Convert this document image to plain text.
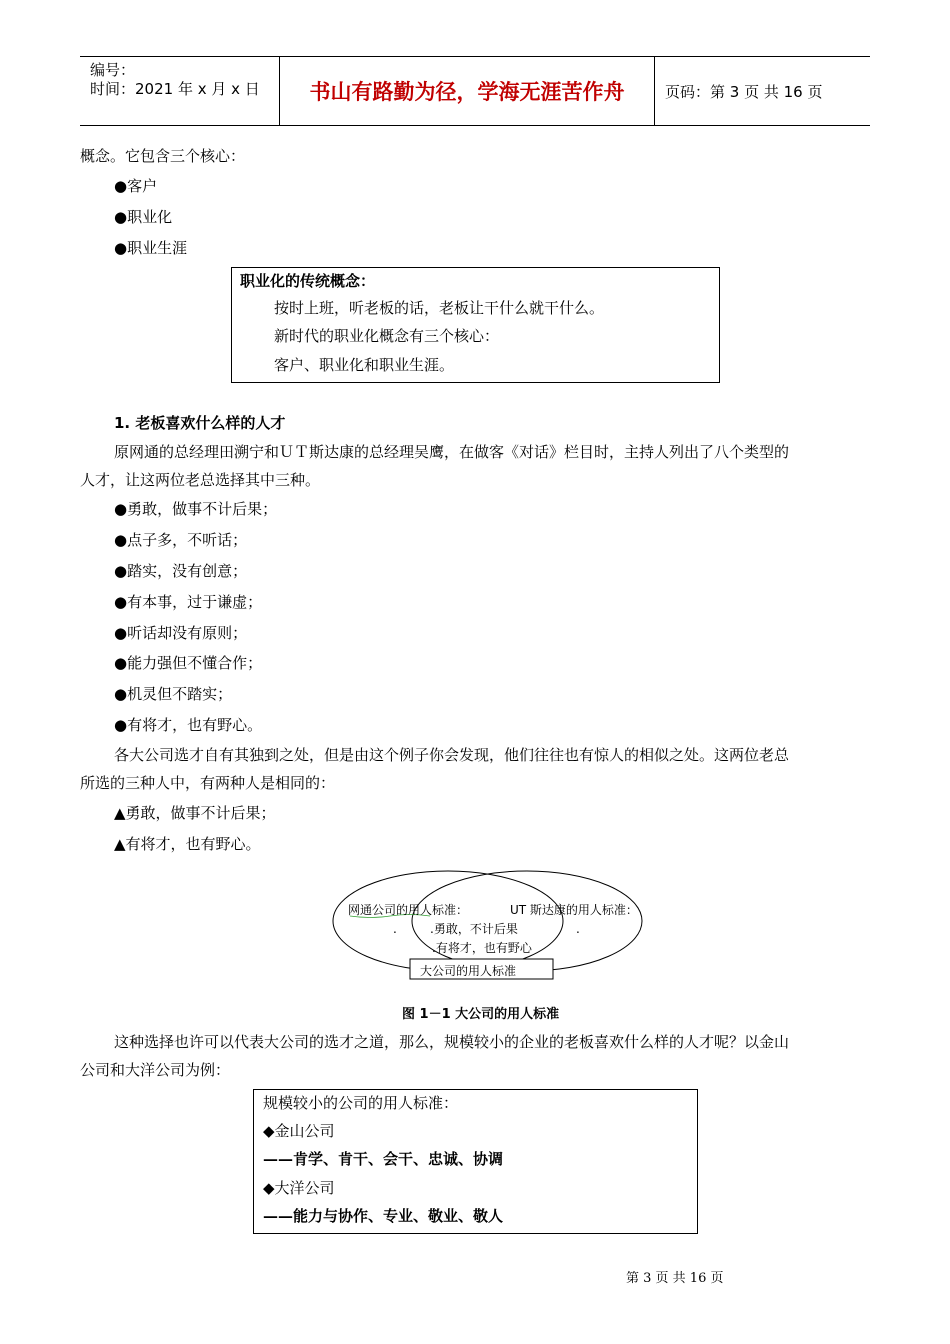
编号：
时间：2021 年 x 月 x 日	书山有路勤为径，学海无涯苦作舟	页码：第 3 页 共 16 页
概念。它包含三个核心：
●客户
●职业化
●职业生涯
职业化的传统概念：
按时上班，听老板的话，老板让干什么就干什么。
新时代的职业化概念有三个核心：
客户、职业化和职业生涯。
1. 老板喜欢什么样的人才
原网通的总经理田溯宁和ＵＴ斯达康的总经理吴鹰，在做客《对话》栏目时，主持人列出了八个类型的
人才，让这两位老总选择其中三种。
●勇敢，做事不计后果；
●点子多，不听话；
●踏实，没有创意；
●有本事，过于谦虚；
●听话却没有原则；
●能力强但不懂合作；
●机灵但不踏实；
●有将才，也有野心。
各大公司选才自有其独到之处，但是由这个例子你会发现，他们往往也有惊人的相似之处。这两位老总
所选的三种人中，有两种人是相同的：
▲勇敢，做事不计后果；
▲有将才，也有野心。
网通公司的用人标准：	UT 斯达康的用人标准：
.	.
.勇敢，不计后果
.有将才，也有野心
大公司的用人标准
图 1－1 大公司的用人标准
这种选择也许可以代表大公司的选才之道，那么，规模较小的企业的老板喜欢什么样的人才呢？以金山
公司和大洋公司为例：
规模较小的公司的用人标准：
◆金山公司
——肯学、肯干、会干、忠诚、协调
◆大洋公司
——能力与协作、专业、敬业、敬人
第 3 页 共 16 页
